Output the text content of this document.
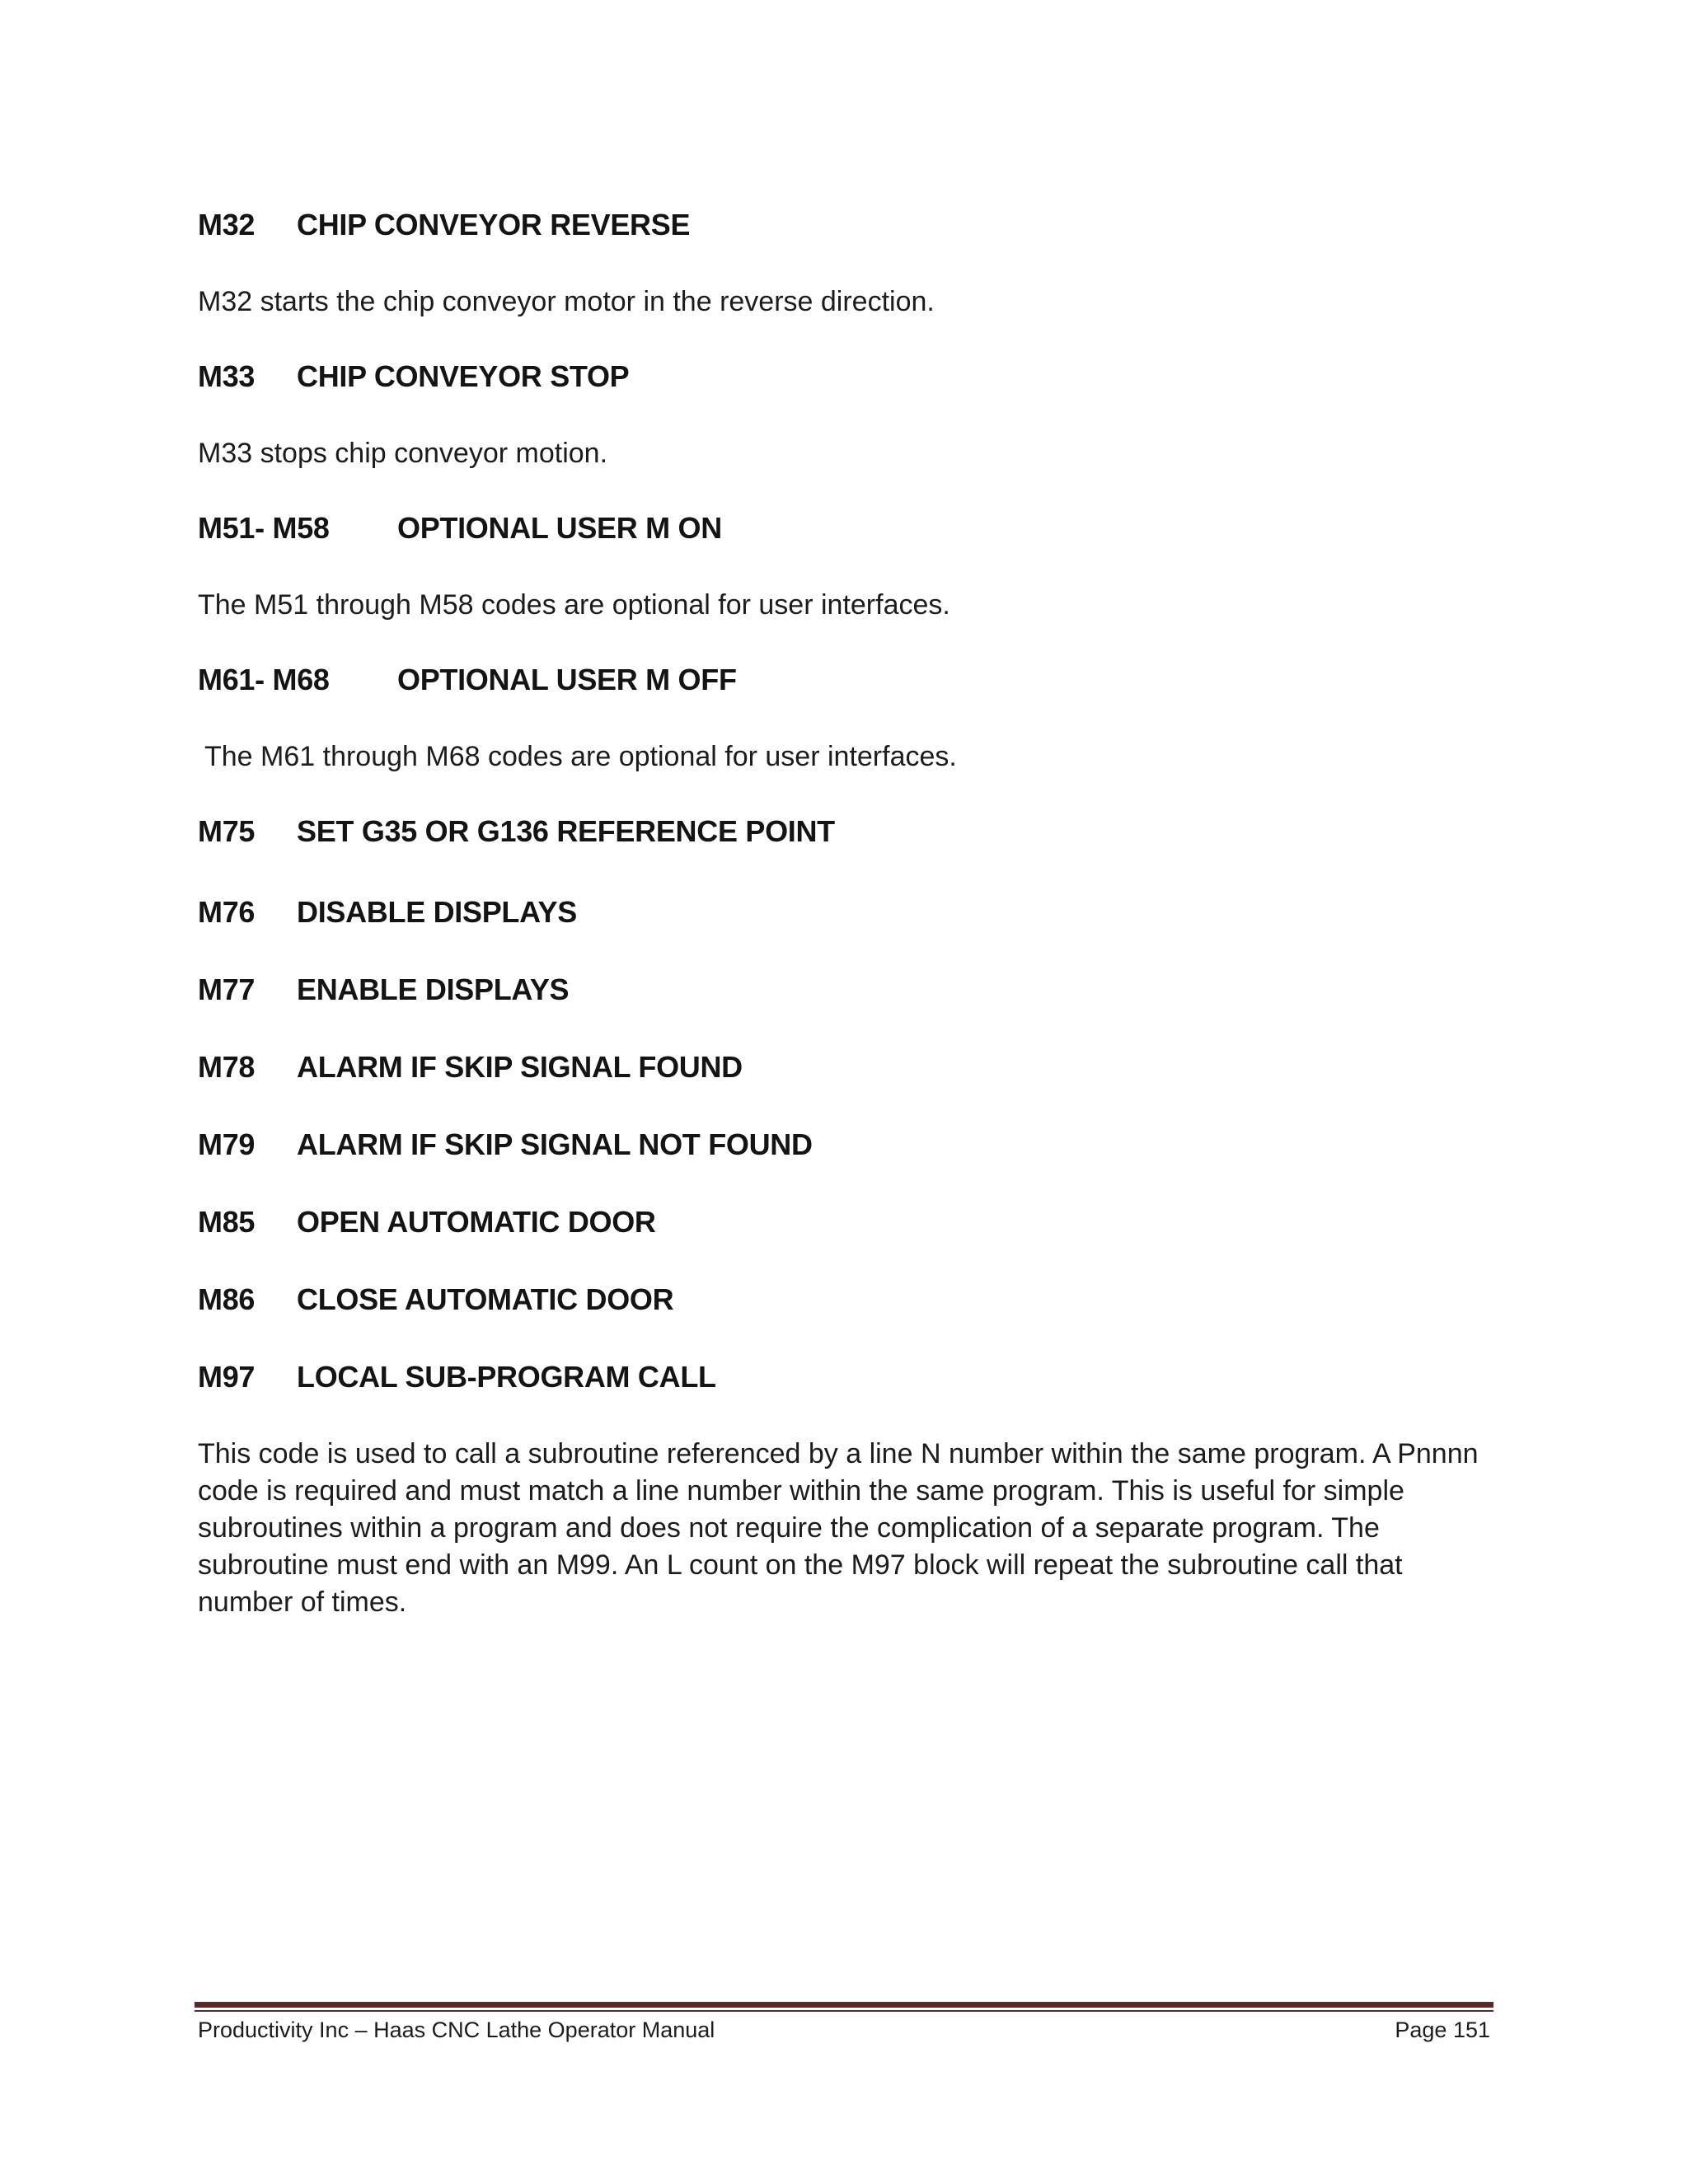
M32 CHIP CONVEYOR REVERSE
M32 starts the chip conveyor motor in the reverse direction.
M33 CHIP CONVEYOR STOP
M33 stops chip conveyor motion.
M51- M58 OPTIONAL USER M ON
The M51 through M58 codes are optional for user interfaces.
M61- M68 OPTIONAL USER M OFF
The M61 through M68 codes are optional for user interfaces.
M75 SET G35 OR G136 REFERENCE POINT
M76 DISABLE DISPLAYS
M77 ENABLE DISPLAYS
M78 ALARM IF SKIP SIGNAL FOUND
M79 ALARM IF SKIP SIGNAL NOT FOUND
M85 OPEN AUTOMATIC DOOR
M86 CLOSE AUTOMATIC DOOR
M97 LOCAL SUB-PROGRAM CALL
This code is used to call a subroutine referenced by a line N number within the same program. A Pnnnn
code is required and must match a line number within the same program. This is useful for simple
subroutines within a program and does not require the complication of a separate program. The
subroutine must end with an M99. An L count on the M97 block will repeat the subroutine call that
number of times.
Productivity Inc – Haas CNC Lathe Operator Manual	Page 151
